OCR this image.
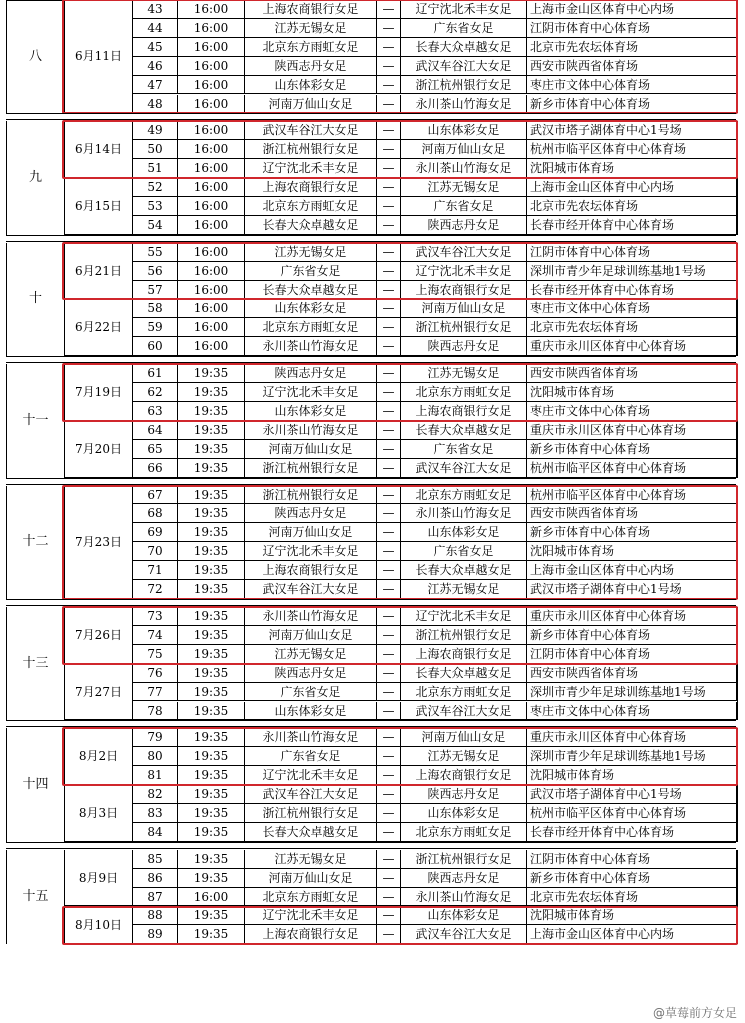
八	6月11日
43	16:00	上海农商银行女足	—	辽宁沈北禾丰女足	上海市金山区体育中心内场
44	16:00	江苏无锡女足	—	广东省女足	江阴市体育中心体育场
45	16:00	北京东方雨虹女足	—	长春大众卓越女足	北京市先农坛体育场
46	16:00	陕西志丹女足	—	武汉车谷江大女足	西安市陕西省体育场
47	16:00	山东体彩女足	—	浙江杭州银行女足	枣庄市文体中心体育场
48	16:00	河南万仙山女足	—	永川茶山竹海女足	新乡市体育中心体育场
九
6月14日
49	16:00	武汉车谷江大女足	—	山东体彩女足	武汉市塔子湖体育中心1号场
50	16:00	浙江杭州银行女足	—	河南万仙山女足	杭州市临平区体育中心体育场
51	16:00	辽宁沈北禾丰女足	—	永川茶山竹海女足	沈阳城市体育场
6月15日
52	16:00	上海农商银行女足	—	江苏无锡女足	上海市金山区体育中心内场
53	16:00	北京东方雨虹女足	—	广东省女足	北京市先农坛体育场
54	16:00	长春大众卓越女足	—	陕西志丹女足	长春市经开体育中心体育场
十
6月21日
55	16:00	江苏无锡女足	—	武汉车谷江大女足	江阴市体育中心体育场
56	16:00	广东省女足	—	辽宁沈北禾丰女足	深圳市青少年足球训练基地1号场
57	16:00	长春大众卓越女足	—	上海农商银行女足	长春市经开体育中心体育场
6月22日
58	16:00	山东体彩女足	—	河南万仙山女足	枣庄市文体中心体育场
59	16:00	北京东方雨虹女足	—	浙江杭州银行女足	北京市先农坛体育场
60	16:00	永川茶山竹海女足	—	陕西志丹女足	重庆市永川区体育中心体育场
十一
7月19日
61	19:35	陕西志丹女足	—	江苏无锡女足	西安市陕西省体育场
62	19:35	辽宁沈北禾丰女足	—	北京东方雨虹女足	沈阳城市体育场
63	19:35	山东体彩女足	—	上海农商银行女足	枣庄市文体中心体育场
7月20日
64	19:35	永川茶山竹海女足	—	长春大众卓越女足	重庆市永川区体育中心体育场
65	19:35	河南万仙山女足	—	广东省女足	新乡市体育中心体育场
66	19:35	浙江杭州银行女足	—	武汉车谷江大女足	杭州市临平区体育中心体育场
十二	7月23日
67	19:35	浙江杭州银行女足	—	北京东方雨虹女足	杭州市临平区体育中心体育场
68	19:35	陕西志丹女足	—	永川茶山竹海女足	西安市陕西省体育场
69	19:35	河南万仙山女足	—	山东体彩女足	新乡市体育中心体育场
70	19:35	辽宁沈北禾丰女足	—	广东省女足	沈阳城市体育场
71	19:35	上海农商银行女足	—	长春大众卓越女足	上海市金山区体育中心内场
72	19:35	武汉车谷江大女足	—	江苏无锡女足	武汉市塔子湖体育中心1号场
十三
7月26日
73	19:35	永川茶山竹海女足	—	辽宁沈北禾丰女足	重庆市永川区体育中心体育场
74	19:35	河南万仙山女足	—	浙江杭州银行女足	新乡市体育中心体育场
75	19:35	江苏无锡女足	—	上海农商银行女足	江阴市体育中心体育场
7月27日
76	19:35	陕西志丹女足	—	长春大众卓越女足	西安市陕西省体育场
77	19:35	广东省女足	—	北京东方雨虹女足	深圳市青少年足球训练基地1号场
78	19:35	山东体彩女足	—	武汉车谷江大女足	枣庄市文体中心体育场
十四
8月2日
79	19:35	永川茶山竹海女足	—	河南万仙山女足	重庆市永川区体育中心体育场
80	19:35	广东省女足	—	江苏无锡女足	深圳市青少年足球训练基地1号场
81	19:35	辽宁沈北禾丰女足	—	上海农商银行女足	沈阳城市体育场
8月3日
82	19:35	武汉车谷江大女足	—	陕西志丹女足	武汉市塔子湖体育中心1号场
83	19:35	浙江杭州银行女足	—	山东体彩女足	杭州市临平区体育中心体育场
84	19:35	长春大众卓越女足	—	北京东方雨虹女足	长春市经开体育中心体育场
十五
8月9日
85	19:35	江苏无锡女足	—	浙江杭州银行女足	江阴市体育中心体育场
86	19:35	河南万仙山女足	—	陕西志丹女足	新乡市体育中心体育场
87	16:00	北京东方雨虹女足	—	永川茶山竹海女足	北京市先农坛体育场
8月10日
88	19:35	辽宁沈北禾丰女足	—	山东体彩女足	沈阳城市体育场
89	19:35	上海农商银行女足	—	武汉车谷江大女足	上海市金山区体育中心内场
@草莓前方女足
